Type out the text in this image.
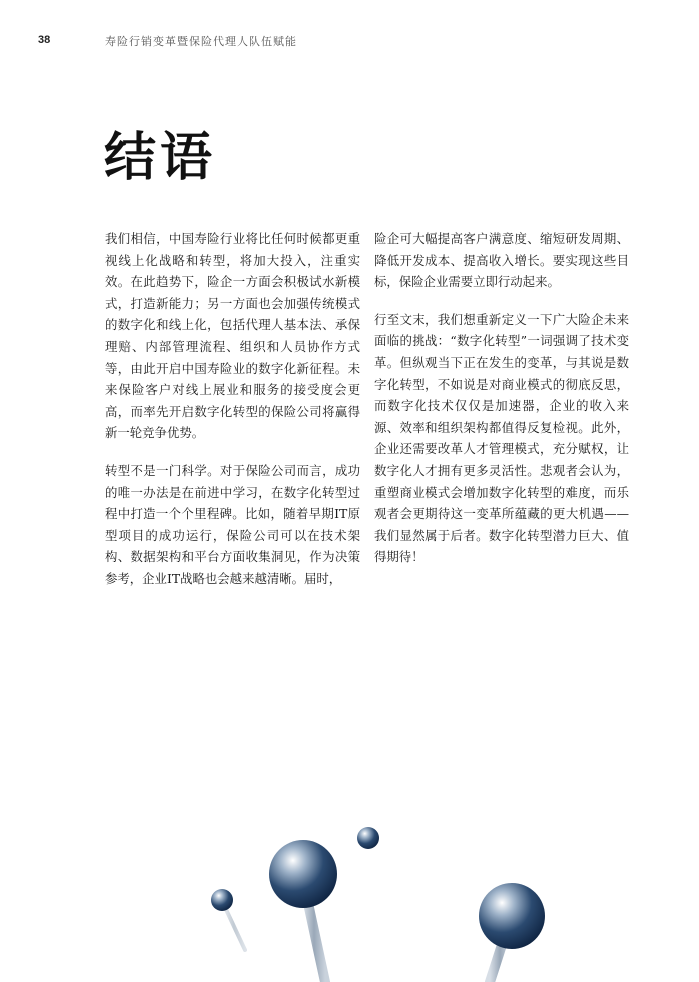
38	寿险行销变革暨保险代理人队伍赋能
结语

我们相信，中国寿险行业将比任何时候都更重视线上化战略和转型，将加大投入，注重实效。在此趋势下，险企一方面会积极试水新模式，打造新能力；另一方面也会加强传统模式的数字化和线上化，包括代理人基本法、承保理赔、内部管理流程、组织和人员协作方式等，由此开启中国寿险业的数字化新征程。未来保险客户对线上展业和服务的接受度会更高，而率先开启数字化转型的保险公司将赢得新一轮竞争优势。

转型不是一门科学。对于保险公司而言，成功的唯一办法是在前进中学习，在数字化转型过程中打造一个个里程碑。比如，随着早期IT原型项目的成功运行，保险公司可以在技术架构、数据架构和平台方面收集洞见，作为决策参考，企业IT战略也会越来越清晰。届时，

险企可大幅提高客户满意度、缩短研发周期、降低开发成本、提高收入增长。要实现这些目标，保险企业需要立即行动起来。

行至文末，我们想重新定义一下广大险企未来面临的挑战：“数字化转型”一词强调了技术变革。但纵观当下正在发生的变革，与其说是数字化转型，不如说是对商业模式的彻底反思，而数字化技术仅仅是加速器，企业的收入来源、效率和组织架构都值得反复检视。此外，企业还需要改革人才管理模式，充分赋权，让数字化人才拥有更多灵活性。悲观者会认为，重塑商业模式会增加数字化转型的难度，而乐观者会更期待这一变革所蕴藏的更大机遇——我们显然属于后者。数字化转型潜力巨大、值得期待！
